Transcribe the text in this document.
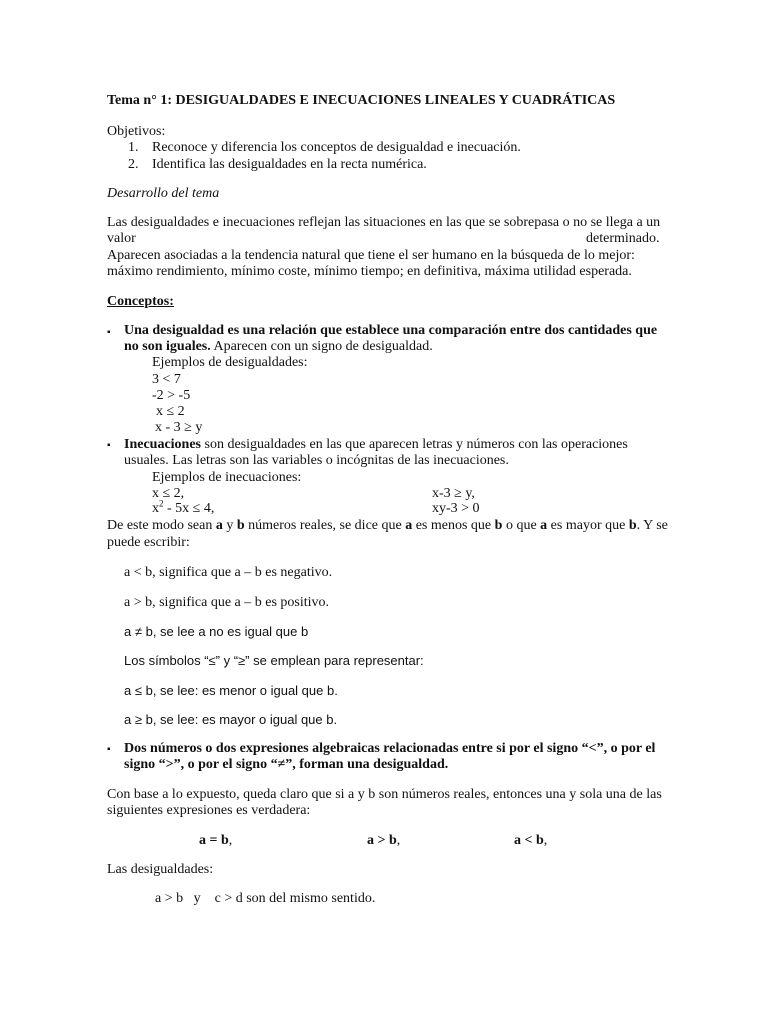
Tema n° 1: DESIGUALDADES E INECUACIONES LINEALES Y CUADRÁTICAS
Objetivos:
1. Reconoce y diferencia los conceptos de desigualdad e inecuación.
2. Identifica las desigualdades en la recta numérica.
Desarrollo del tema
Las desigualdades e inecuaciones reflejan las situaciones en las que se sobrepasa o no se llega a un
valor	determinado.
Aparecen asociadas a la tendencia natural que tiene el ser humano en la búsqueda de lo mejor:
máximo rendimiento, mínimo coste, mínimo tiempo; en definitiva, máxima utilidad esperada.
Conceptos:
▪ Una desigualdad es una relación que establece una comparación entre dos cantidades que
no son iguales. Aparecen con un signo de desigualdad.
Ejemplos de desigualdades:
3 < 7
-2 > -5
x ≤ 2
x - 3 ≥ y
▪ Inecuaciones son desigualdades en las que aparecen letras y números con las operaciones
usuales. Las letras son las variables o incógnitas de las inecuaciones.
Ejemplos de inecuaciones:
x ≤ 2,	x-3 ≥ y,
$x^2 - 5x \le 4$,	xy-3 > 0
De este modo sean a y b números reales, se dice que a es menos que b o que a es mayor que b. Y se
puede escribir:
a < b, significa que a – b es negativo.
a > b, significa que a – b es positivo.
a ≠ b, se lee a no es igual que b
Los símbolos “≤” y “≥” se emplean para representar:
a ≤ b, se lee: es menor o igual que b.
a ≥ b, se lee: es mayor o igual que b.
▪ Dos números o dos expresiones algebraicas relacionadas entre si por el signo “<”, o por el
signo “>”, o por el signo “≠”, forman una desigualdad.
Con base a lo expuesto, queda claro que si a y b son números reales, entonces una y sola una de las
siguientes expresiones es verdadera:
a = b,	a > b,	a < b,
Las desigualdades:
a > b   y    c > d son del mismo sentido.
